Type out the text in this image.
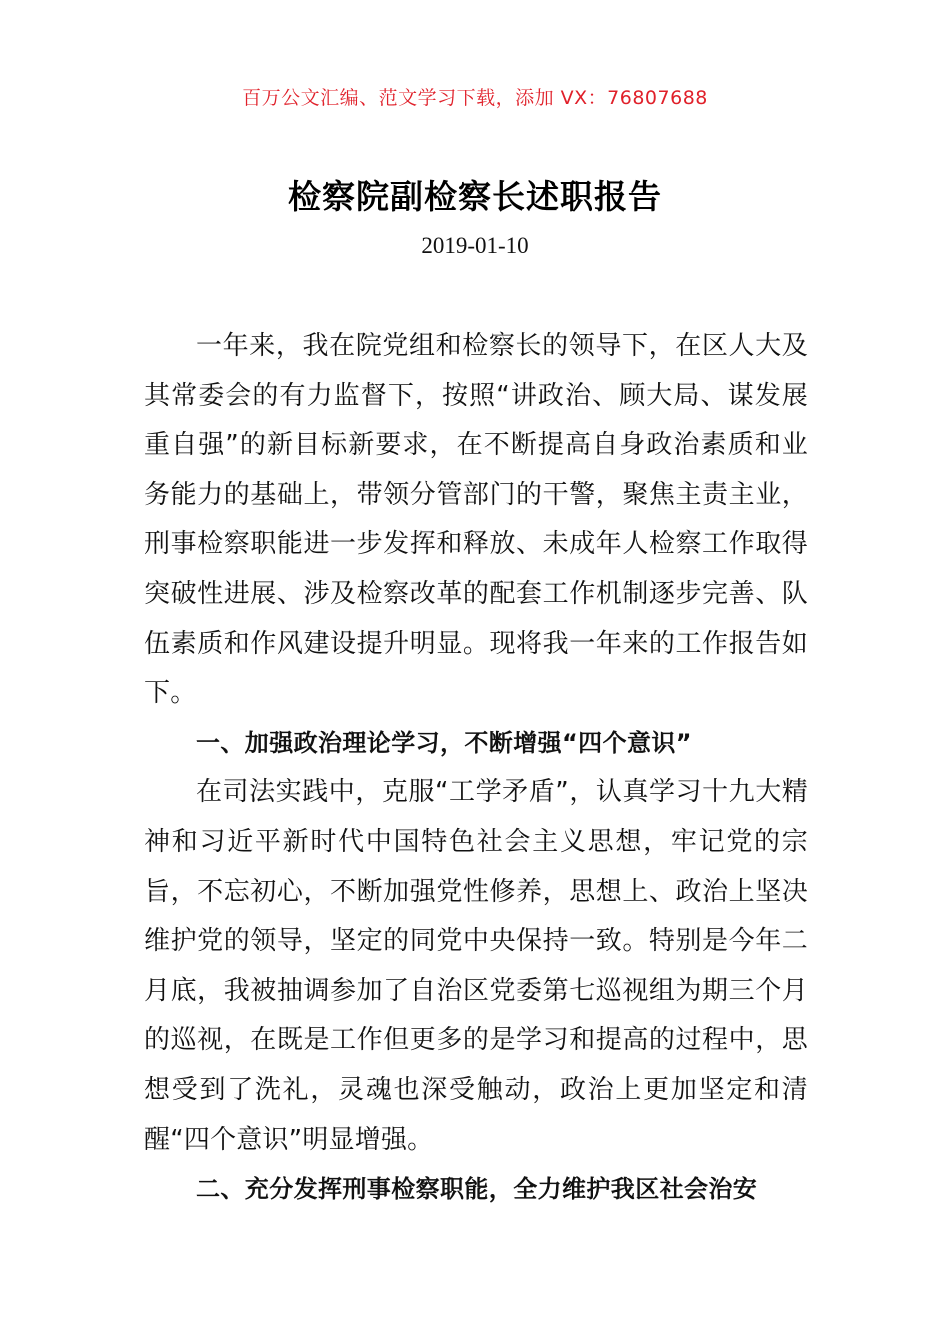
百万公文汇编、范文学习下载，添加 VX：76807688
检察院副检察长述职报告
2019-01-10

一年来，我在院党组和检察长的领导下，在区人大及其常委会的有力监督下，按照“讲政治、顾大局、谋发展重自强”的新目标新要求，在不断提高自身政治素质和业务能力的基础上，带领分管部门的干警，聚焦主责主业，刑事检察职能进一步发挥和释放、未成年人检察工作取得突破性进展、涉及检察改革的配套工作机制逐步完善、队伍素质和作风建设提升明显。现将我一年来的工作报告如下。

一、加强政治理论学习，不断增强“四个意识”

在司法实践中，克服“工学矛盾”，认真学习十九大精神和习近平新时代中国特色社会主义思想，牢记党的宗旨，不忘初心，不断加强党性修养，思想上、政治上坚决维护党的领导，坚定的同党中央保持一致。特别是今年二月底，我被抽调参加了自治区党委第七巡视组为期三个月的巡视，在既是工作但更多的是学习和提高的过程中，思想受到了洗礼，灵魂也深受触动，政治上更加坚定和清醒“四个意识”明显增强。

二、充分发挥刑事检察职能，全力维护我区社会治安
